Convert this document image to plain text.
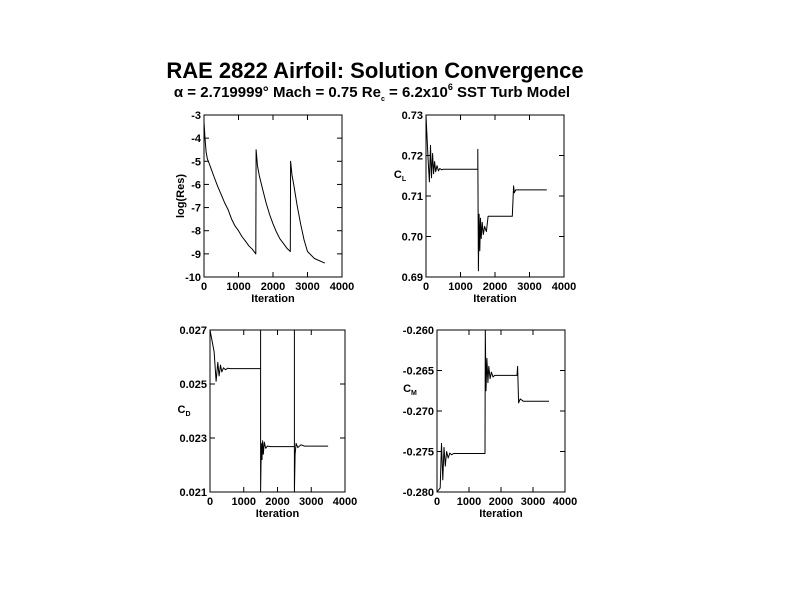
RAE 2822 Airfoil: Solution Convergence
α = 2.719999° Mach = 0.75 $Re_c = 6.2x10^6$ SST Turb Model
0 1000 2000 3000 4000
-10
-9
-8
-7
-6
-5
-4
-3
Iteration
log(Res)
0 1000 2000 3000 4000
0.69
0.70
0.71
0.72
0.73
Iteration
$C_L$
0 1000 2000 3000 4000
0.021
0.023
0.025
0.027
Iteration
$C_D$
0 1000 2000 3000 4000
-0.280
-0.275
-0.270
-0.265
-0.260
Iteration
$C_M$
